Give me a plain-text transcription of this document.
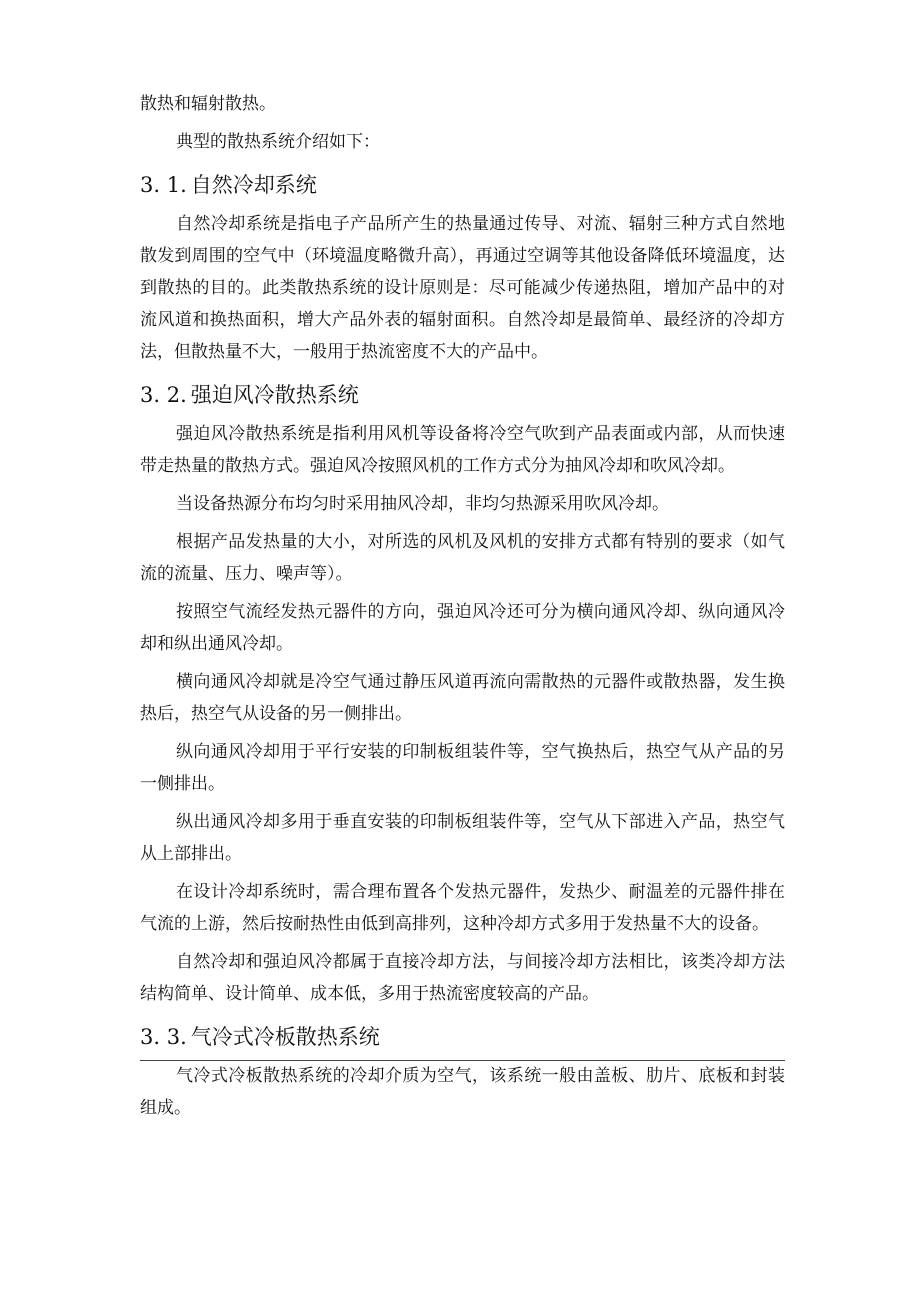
散热和辐射散热。

典型的散热系统介绍如下：

3. 1. 自然冷却系统

自然冷却系统是指电子产品所产生的热量通过传导、对流、辐射三种方式自然地散发到周围的空气中（环境温度略微升高），再通过空调等其他设备降低环境温度，达到散热的目的。此类散热系统的设计原则是：尽可能减少传递热阻，增加产品中的对流风道和换热面积，增大产品外表的辐射面积。自然冷却是最简单、最经济的冷却方法，但散热量不大，一般用于热流密度不大的产品中。

3. 2. 强迫风冷散热系统

强迫风冷散热系统是指利用风机等设备将冷空气吹到产品表面或内部，从而快速带走热量的散热方式。强迫风冷按照风机的工作方式分为抽风冷却和吹风冷却。

当设备热源分布均匀时采用抽风冷却，非均匀热源采用吹风冷却。

根据产品发热量的大小，对所选的风机及风机的安排方式都有特别的要求（如气流的流量、压力、噪声等）。

按照空气流经发热元器件的方向，强迫风冷还可分为横向通风冷却、纵向通风冷却和纵出通风冷却。

横向通风冷却就是冷空气通过静压风道再流向需散热的元器件或散热器，发生换热后，热空气从设备的另一侧排出。

纵向通风冷却用于平行安装的印制板组装件等，空气换热后，热空气从产品的另一侧排出。

纵出通风冷却多用于垂直安装的印制板组装件等，空气从下部进入产品，热空气从上部排出。

在设计冷却系统时，需合理布置各个发热元器件，发热少、耐温差的元器件排在气流的上游，然后按耐热性由低到高排列，这种冷却方式多用于发热量不大的设备。

自然冷却和强迫风冷都属于直接冷却方法，与间接冷却方法相比，该类冷却方法结构简单、设计简单、成本低，多用于热流密度较高的产品。

3. 3. 气冷式冷板散热系统

气冷式冷板散热系统的冷却介质为空气，该系统一般由盖板、肋片、底板和封装组成。
